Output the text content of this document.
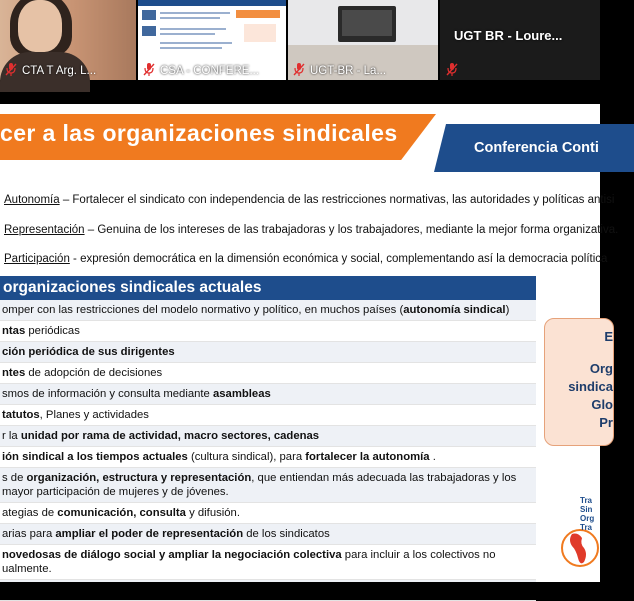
CTA T Arg. L...	CSA - CONFERE...	UGT-BR - La...
UGT BR - Loure...
cer a las organizaciones sindicales
Conferencia Conti
Autonomía – Fortalecer el sindicato con independencia de las restricciones normativas, las autoridades y políticas antisi
Representación – Genuina de los intereses de las trabajadoras y los trabajadores, mediante la mejor forma organizativa.
Participación - expresión democrática en la dimensión económica y social, complementando así la democracia política
organizaciones sindicales actuales
omper con las restricciones del modelo normativo y político, en muchos países (autonomía sindical)
ntas periódicas
ción periódica de sus dirigentes
ntes de adopción de decisiones
smos de información y consulta mediante asambleas
tatutos, Planes y actividades
r la unidad por rama de actividad, macro sectores, cadenas
ión sindical a los tiempos actuales (cultura sindical), para fortalecer la autonomía .
s de organización, estructura y representación, que entiendan más adecuada las trabajadoras y los
mayor participación de mujeres y de jóvenes.
ategias de comunicación, consulta y difusión.
arias para ampliar el poder de representación de los sindicatos
novedosas de diálogo social y ampliar la negociación colectiva para incluir a los colectivos no
ualmente.
E
Org
sindica
Glo
Pr
Tra
Sin
Org
Tra
